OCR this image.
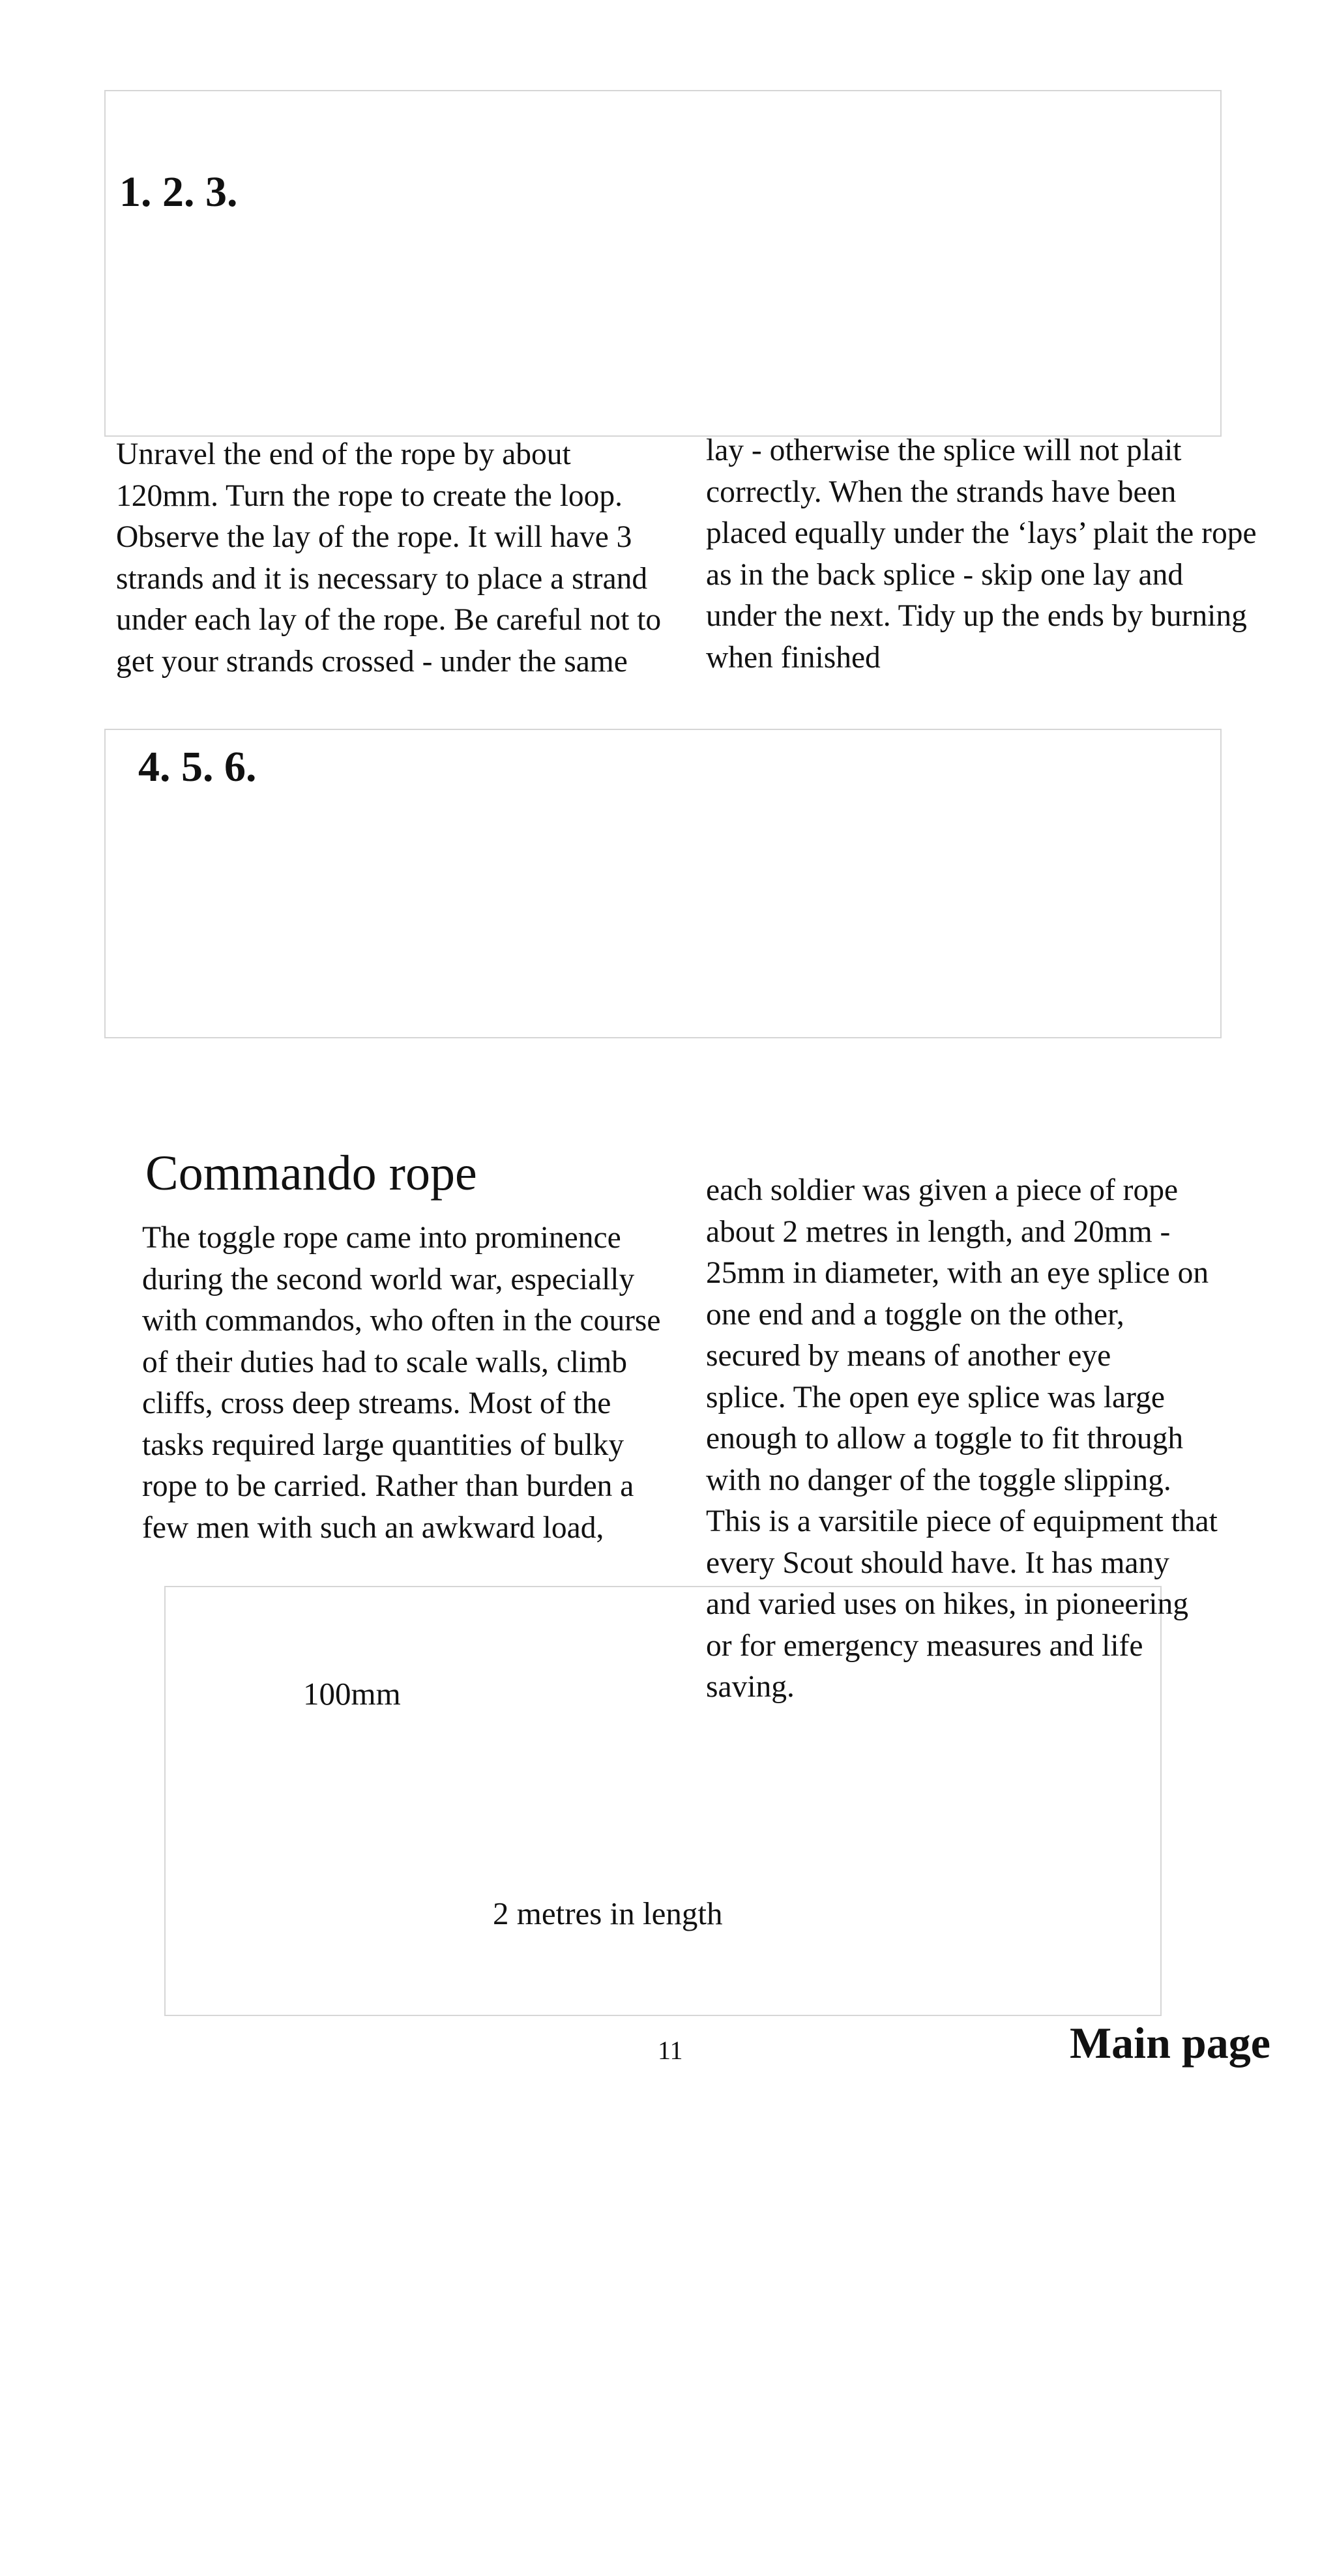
1. 2. 3.
Unravel the end of the rope by about
120mm. Turn the rope to create the loop.
Observe the lay of the rope. It will have 3
strands and it is necessary to place a strand
under each lay of the rope. Be careful not to
get your strands crossed - under the same
lay - otherwise the splice will not plait
correctly. When the strands have been
placed equally under the ‘lays’ plait the rope
as in the back splice - skip one lay and
under the next. Tidy up the ends by burning
when finished
4. 5. 6.
Commando rope
The toggle rope came into prominence
during the second world war, especially
with commandos, who often in the course
of their duties had to scale walls, climb
cliffs, cross deep streams. Most of the
tasks required large quantities of bulky
rope to be carried. Rather than burden a
few men with such an awkward load,
100mm
2 metres in length
each soldier was given a piece of rope
about 2 metres in length, and 20mm -
25mm in diameter, with an eye splice on
one end and a toggle on the other,
secured by means of another eye
splice. The open eye splice was large
enough to allow a toggle to fit through
with no danger of the toggle slipping.
This is a varsitile piece of equipment that
every Scout should have. It has many
and varied uses on hikes, in pioneering
or for emergency measures and life
saving.
11	Main page
